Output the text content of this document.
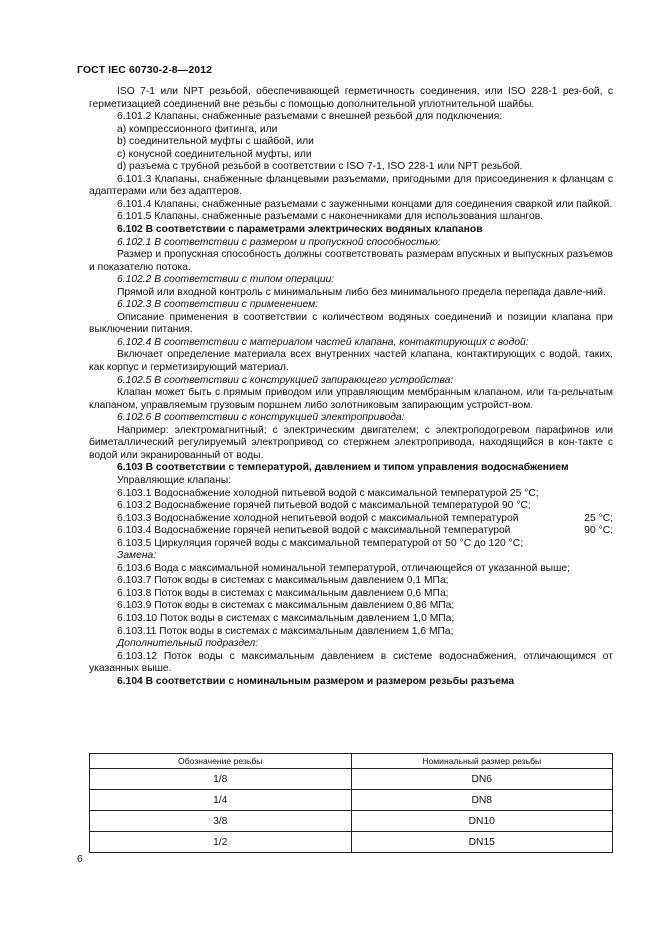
ГОСТ IEC 60730-2-8—2012

ISO 7-1 или NPT резьбой, обеспечивающей герметичность соединения, или ISO 228-1 рез-бой, с герметизацией соединений вне резьбы с помощью дополнительной уплотнительной шайбы.

6.101.2 Клапаны, снабженные разъемами с внешней резьбой для подключения:

a) компрессионного фитинга, или

b) соединительной муфты с шайбой, или

c) конусной соединительной муфты, или

d) разъема с трубной резьбой в соответствии с ISO 7-1, ISO 228-1 или NPT резьбой.

6.101.3 Клапаны, снабженные фланцевыми разъемами, пригодными для присоединения к фланцам с адаптерами или без адаптеров.

6.101.4 Клапаны, снабженные разъемами с зауженными концами для соединения сваркой или пайкой.

6.101.5 Клапаны, снабженные разъемами с наконечниками для использования шлангов.

6.102 В соответствии с параметрами электрических водяных клапанов

6.102.1 В соответствии с размером и пропускной способностью:

Размер и пропускная способность должны соответствовать размерам впускных и выпускных разъемов и показателю потока.

6.102.2 В соответствии с типом операции:

Прямой или входной контроль с минимальным либо без минимального предела перепада давле-ний.

6.102.3 В соответствии с применением:

Описание применения в соответствии с количеством водяных соединений и позиции клапана при выключении питания.

6.102.4 В соответствии с материалом частей клапана, контактирующих с водой:

Включает определение материала всех внутренних частей клапана, контактирующих с водой, таких, как корпус и герметизирующий материал.

6.102.5 В соответствии с конструкцией запирающего устройства:

Клапан может быть с прямым приводом или управляющим мембранным клапаном, или та-рельчатым клапаном, управляемым грузовым поршнем либо золотниковым запирающим устройст-вом.

6.102.6 В соответствии с конструкцией электропривода:

Например: электромагнитный; с электрическим двигателем; с электроподогревом парафинов или биметаллический регулируемый электропривод со стержнем электропривода, находящийся в кон-такте с водой или экранированный от воды.

6.103 В соответствии с температурой, давлением и типом управления водоснабжением

Управляющие клапаны:

6.103.1 Водоснабжение холодной питьевой водой с максимальной температурой 25 °С;

6.103.2 Водоснабжение горячей питьевой водой с максимальной температурой 90 °С;

25 °С;
6.103.3 Водоснабжение холодной непитьевой водой с максимальной температурой

90 °С;
6.103.4 Водоснабжение горячей непитьевой водой с максимальной температурой

6.103.5 Циркуляция горячей воды с максимальной температурой от 50 °С до 120 °С;

Замена:

6.103.6 Вода с максимальной номинальной температурой, отличающейся от указанной выше;

6.103.7 Поток воды в системах с максимальным давлением 0,1 МПа;

6.103.8 Поток воды в системах с максимальным давлением 0,6 МПа;

6.103.9 Поток воды в системах с максимальным давлением 0,86 МПа;

6.103.10 Поток воды в системах с максимальным давлением 1,0 МПа;

6.103.11 Поток воды в системах с максимальным давлением 1,6 МПа;

Дополнительный подраздел:

6.103.12 Поток воды с максимальным давлением в системе водоснабжения, отличающимся от указанных выше.

6.104 В соответствии с номинальным размером и размером резьбы разъема

Обозначение резьбы	Номинальный размер резьбы
1/8	DN6
1/4	DN8
3/8	DN10
1/2	DN15
6
